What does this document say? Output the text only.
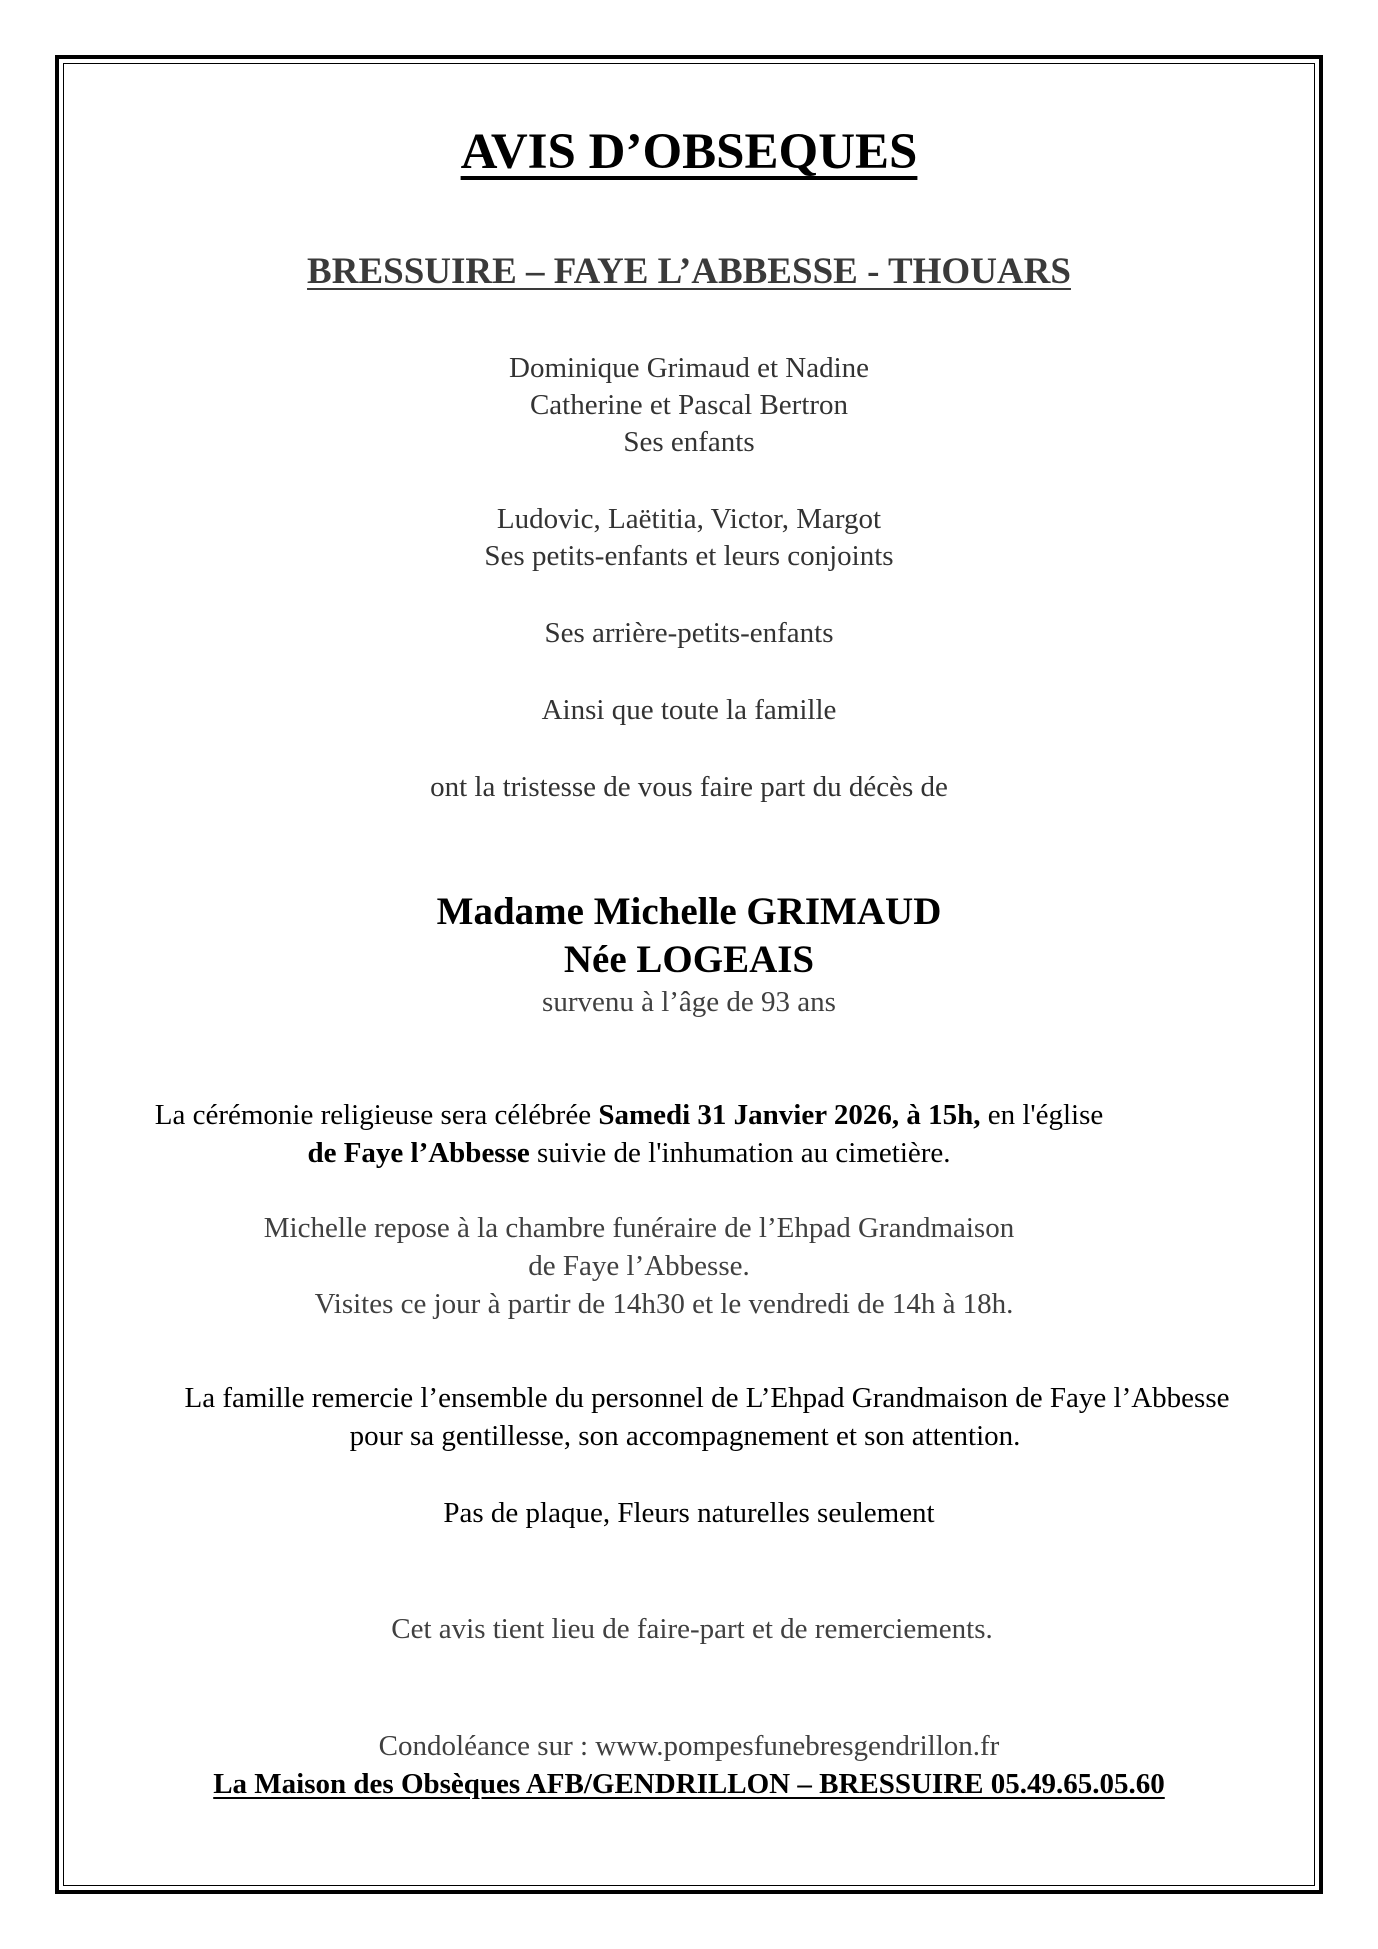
AVIS D’OBSEQUES
BRESSUIRE – FAYE L’ABBESSE - THOUARS
Dominique Grimaud et Nadine
Catherine et Pascal Bertron
Ses enfants
Ludovic, Laëtitia, Victor, Margot
Ses petits-enfants et leurs conjoints
Ses arrière-petits-enfants
Ainsi que toute la famille
ont la tristesse de vous faire part du décès de
Madame Michelle GRIMAUD
Née LOGEAIS
survenu à l’âge de 93 ans
La cérémonie religieuse sera célébrée Samedi 31 Janvier 2026, à 15h, en l'église
de Faye l’Abbesse suivie de l'inhumation au cimetière.
Michelle repose à la chambre funéraire de l’Ehpad Grandmaison
de Faye l’Abbesse.
Visites ce jour à partir de 14h30 et le vendredi de 14h à 18h.
La famille remercie l’ensemble du personnel de L’Ehpad Grandmaison de Faye l’Abbesse
pour sa gentillesse, son accompagnement et son attention.
Pas de plaque, Fleurs naturelles seulement
Cet avis tient lieu de faire-part et de remerciements.
Condoléance sur : www.pompesfunebresgendrillon.fr
La Maison des Obsèques AFB/GENDRILLON – BRESSUIRE 05.49.65.05.60
